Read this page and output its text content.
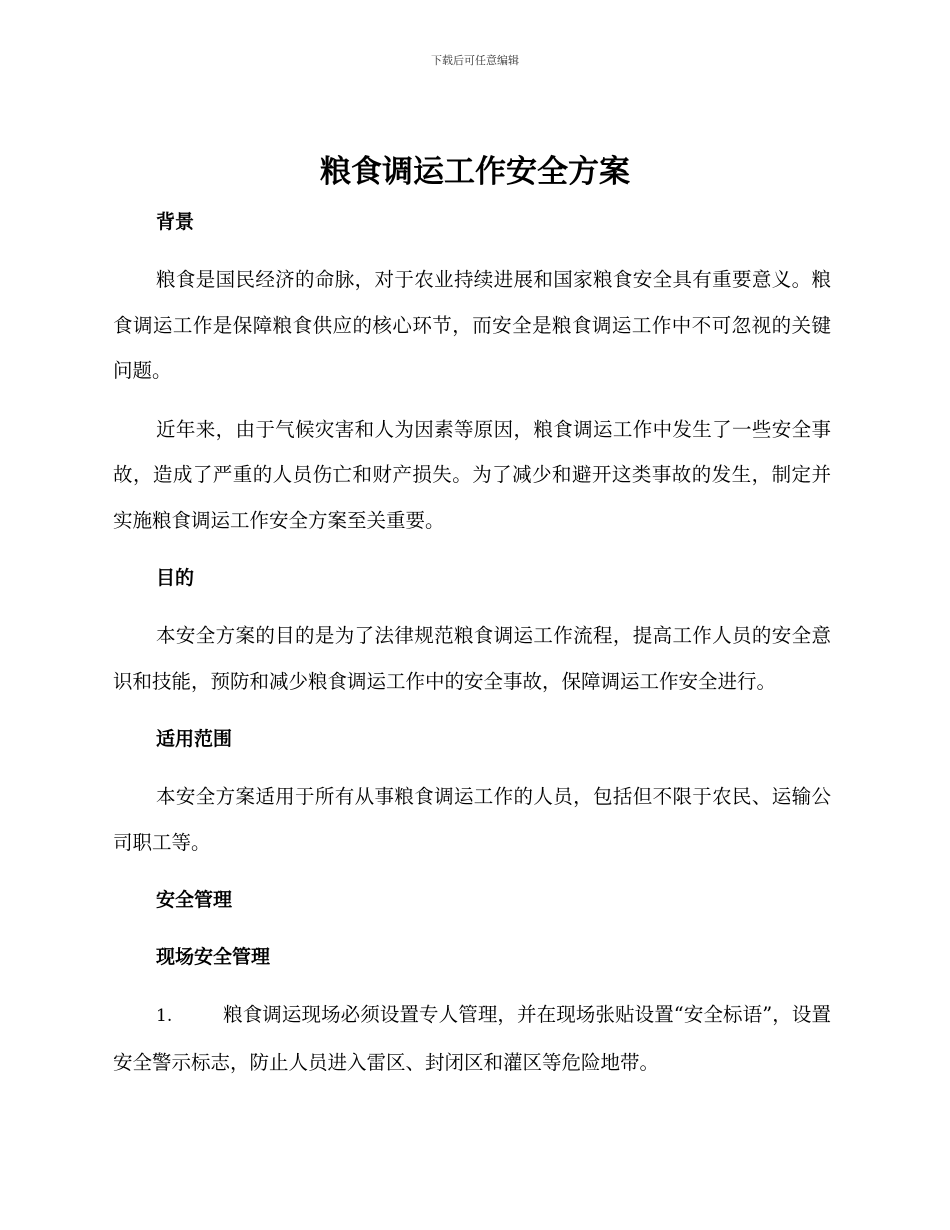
下载后可任意编辑
粮食调运工作安全方案

背景

粮食是国民经济的命脉，对于农业持续进展和国家粮食安全具有重要意义。粮食调运工作是保障粮食供应的核心环节，而安全是粮食调运工作中不可忽视的关键问题。

近年来，由于气候灾害和人为因素等原因，粮食调运工作中发生了一些安全事故，造成了严重的人员伤亡和财产损失。为了减少和避开这类事故的发生，制定并实施粮食调运工作安全方案至关重要。

目的

本安全方案的目的是为了法律规范粮食调运工作流程，提高工作人员的安全意识和技能，预防和减少粮食调运工作中的安全事故，保障调运工作安全进行。

适用范围

本安全方案适用于所有从事粮食调运工作的人员，包括但不限于农民、运输公司职工等。

安全管理

现场安全管理

1.	粮食调运现场必须设置专人管理，并在现场张贴设置“安全标语”，设置安全警示标志，防止人员进入雷区、封闭区和灌区等危险地带。
